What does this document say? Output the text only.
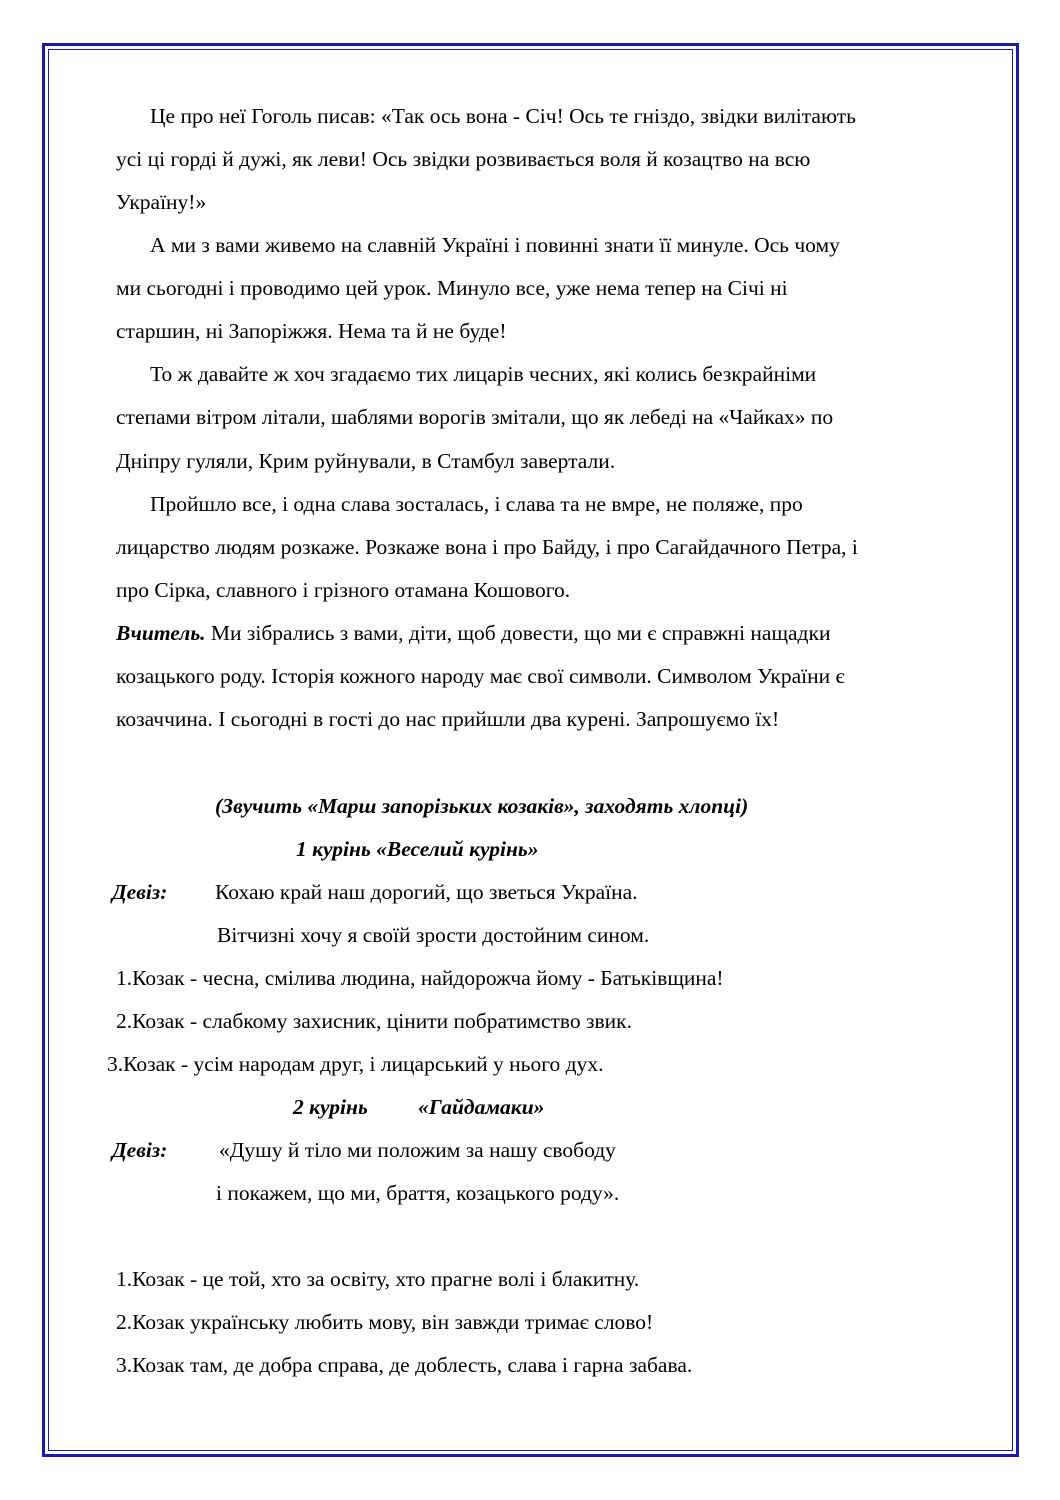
Це про неї Гоголь писав: «Так ось вона - Січ! Ось те гніздо, звідки вилітають
усі ці горді й дужі, як леви! Ось звідки розвивається воля й козацтво на всю
Україну!»
А ми з вами живемо на славній Україні і повинні знати її минуле. Ось чому
ми сьогодні і проводимо цей урок. Минуло все, уже нема тепер на Січі ні
старшин, ні Запоріжжя. Нема та й не буде!
То ж давайте ж хоч згадаємо тих лицарів чесних, які колись безкрайніми
степами вітром літали, шаблями ворогів змітали, що як лебеді на «Чайках» по
Дніпру гуляли, Крим руйнували, в Стамбул завертали.
Пройшло все, і одна слава зосталась, і слава та не вмре, не поляже, про
лицарство людям розкаже. Розкаже вона і про Байду, і про Сагайдачного Петра, і
про Сірка, славного і грізного отамана Кошового.
Вчитель. Ми зібрались з вами, діти, щоб довести, що ми є справжні нащадки
козацького роду. Історія кожного народу має свої символи. Символом України є
козаччина. І сьогодні в гості до нас прийшли два курені. Запрошуємо їх!
(Звучить «Марш запорізьких козаків», заходять хлопці)
1 курінь «Веселий курінь»
Девіз: Кохаю край наш дорогий, що зветься Україна.
Вітчизні хочу я своїй зрости достойним сином.
1.Козак - чесна, смілива людина, найдорожча йому - Батьківщина!
2.Козак - слабкому захисник, цінити побратимство звик.
3.Козак - усім народам друг, і лицарський у нього дух.
2 курінь «Гайдамаки»
Девіз: «Душу й тіло ми положим за нашу свободу
і покажем, що ми, браття, козацького роду».
1.Козак - це той, хто за освіту, хто прагне волі і блакитну.
2.Козак українську любить мову, він завжди тримає слово!
3.Козак там, де добра справа, де доблесть, слава і гарна забава.
